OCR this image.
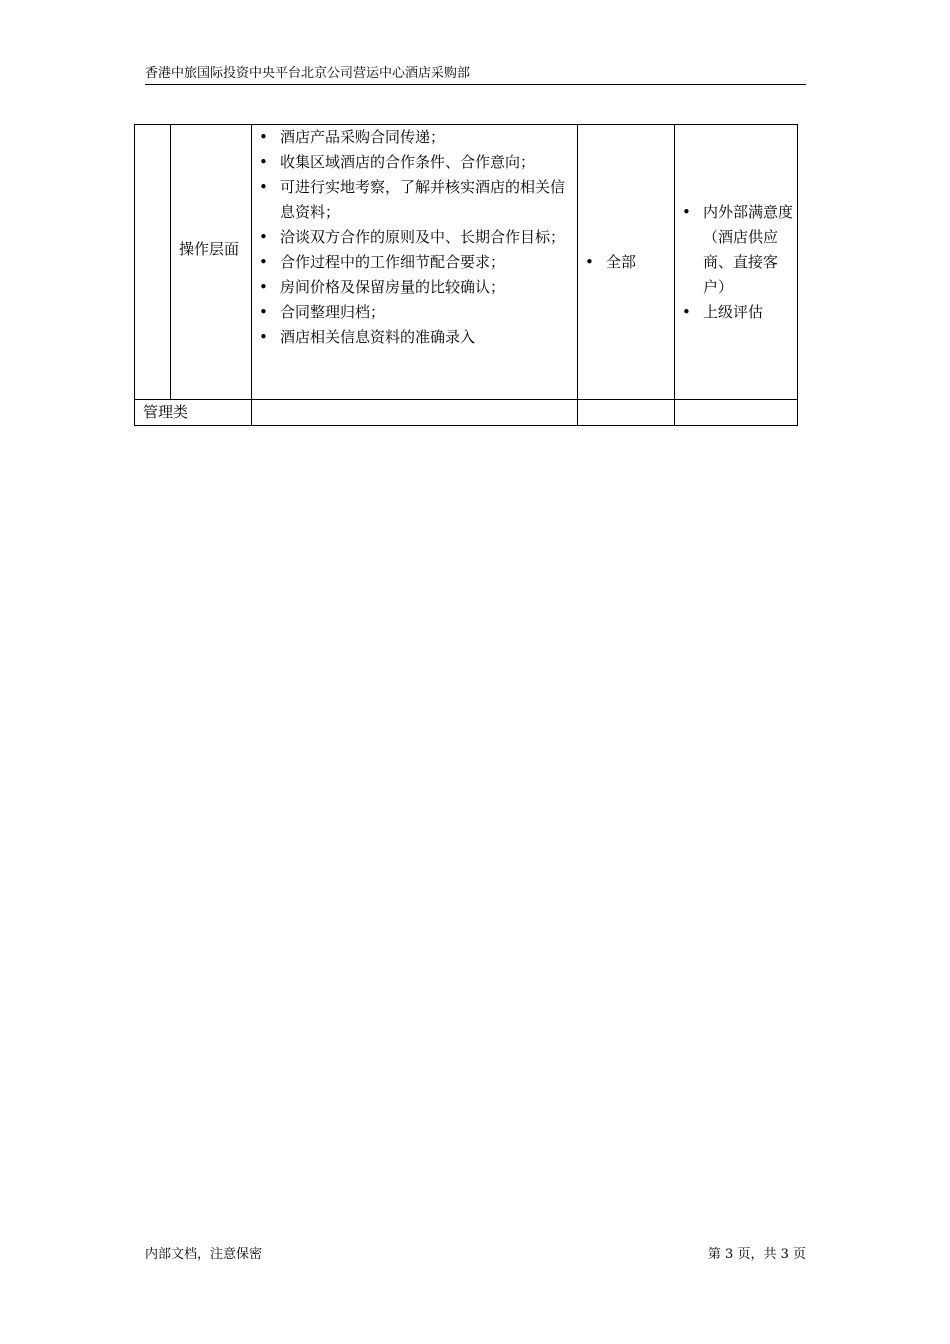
香港中旅国际投资中央平台北京公司营运中心酒店采购部
操作层面
• 酒店产品采购合同传递；
• 收集区域酒店的合作条件、合作意向；
• 可进行实地考察，了解并核实酒店的相关信息资料；
• 洽谈双方合作的原则及中、长期合作目标；
• 合作过程中的工作细节配合要求；
• 房间价格及保留房量的比较确认；
• 合同整理归档；
• 酒店相关信息资料的准确录入
• 全部
• 内外部满意度（酒店供应商、直接客户）
• 上级评估
管理类
内部文档，注意保密	第 3 页，共 3 页
